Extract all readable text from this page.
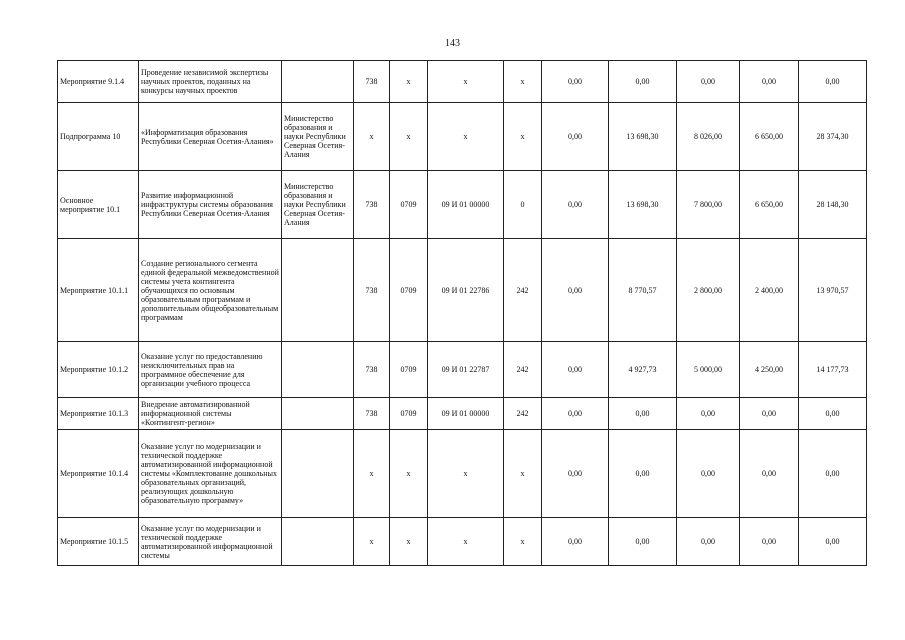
143
Мероприятие 9.1.4	Проведение независимой экспертизы научных проектов, поданных на конкурсы научных проектов		738	x	x	x	0,00	0,00	0,00	0,00	0,00
Подпрограмма 10	«Информатизация образования Республики Северная Осетия-Алания»	Министерство образования и науки Республики Северная Осетия-Алания	x	x	x	x	0,00	13 698,30	8 026,00	6 650,00	28 374,30
Основное мероприятие 10.1	Развитие информационной инфраструктуры системы образования Республики Северная Осетия-Алания	Министерство образования и науки Республики Северная Осетия-Алания	738	0709	09 И 01 00000	0	0,00	13 698,30	7 800,00	6 650,00	28 148,30
Мероприятие 10.1.1	Создание регионального сегмента единой федеральной межведомственной системы учета контингента обучающихся по основным образовательным программам и дополнительным общеобразовательным программам		738	0709	09 И 01 22786	242	0,00	8 770,57	2 800,00	2 400,00	13 970,57
Мероприятие 10.1.2	Оказание услуг по предоставлению неисключительных прав на программное обеспечение для организации учебного процесса		738	0709	09 И 01 22787	242	0,00	4 927,73	5 000,00	4 250,00	14 177,73
Мероприятие 10.1.3	Внедрение автоматизированной информационной системы «Контингент-регион»		738	0709	09 И 01 00000	242	0,00	0,00	0,00	0,00	0,00
Мероприятие 10.1.4	Оказание услуг по модернизации и технической поддержке автоматизированной информационной системы «Комплектование дошкольных образовательных организаций, реализующих дошкольную образовательную программу»		x	x	x	x	0,00	0,00	0,00	0,00	0,00
Мероприятие 10.1.5	Оказание услуг по модернизации и технической поддержке автоматизированной информационной системы		x	x	x	x	0,00	0,00	0,00	0,00	0,00
